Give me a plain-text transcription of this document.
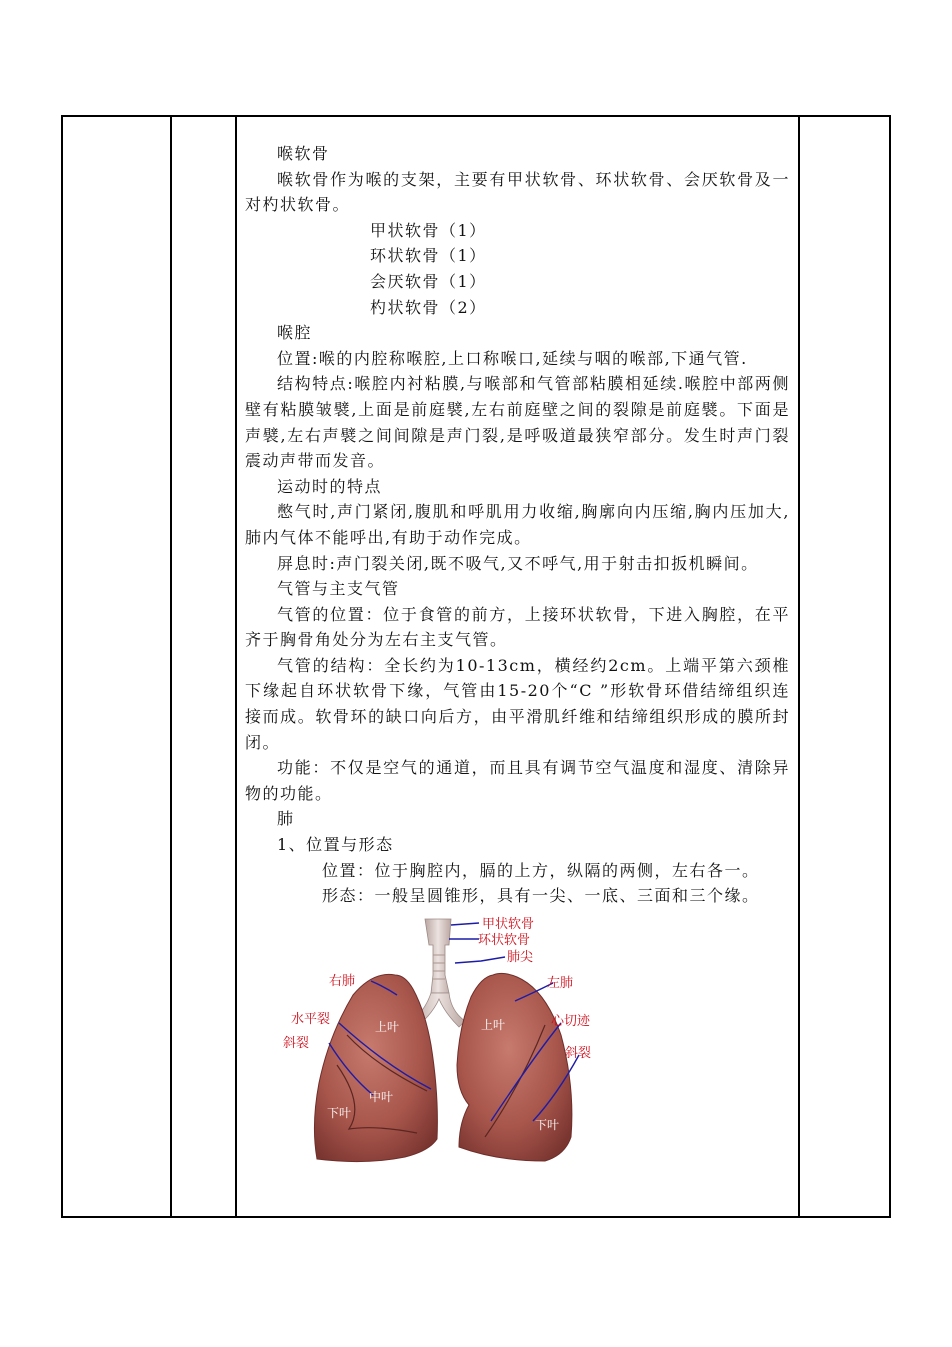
喉软骨

喉软骨作为喉的支架，主要有甲状软骨、环状软骨、会厌软骨及一对杓状软骨。

甲状软骨（1）

环状软骨（1）

会厌软骨（1）

杓状软骨（2）

喉腔

位置:喉的内腔称喉腔,上口称喉口,延续与咽的喉部,下通气管.

结构特点:喉腔内衬粘膜,与喉部和气管部粘膜相延续.喉腔中部两侧壁有粘膜皱襞,上面是前庭襞,左右前庭壁之间的裂隙是前庭襞。下面是声襞,左右声襞之间间隙是声门裂,是呼吸道最狭窄部分。发生时声门裂震动声带而发音。

运动时的特点

憋气时,声门紧闭,腹肌和呼肌用力收缩,胸廓向内压缩,胸内压加大,肺内气体不能呼出,有助于动作完成。

屏息时:声门裂关闭,既不吸气,又不呼气,用于射击扣扳机瞬间。

气管与主支气管

气管的位置：位于食管的前方，上接环状软骨，下进入胸腔，在平齐于胸骨角处分为左右主支气管。

气管的结构：全长约为10-13cm，横经约2cm。上端平第六颈椎下缘起自环状软骨下缘，气管由15-20个“C ”形软骨环借结缔组织连接而成。软骨环的缺口向后方，由平滑肌纤维和结缔组织形成的膜所封闭。

功能：不仅是空气的通道，而且具有调节空气温度和湿度、清除异物的功能。

肺

1、位置与形态

位置：位于胸腔内，膈的上方，纵隔的两侧，左右各一。

形态：一般呈圆锥形，具有一尖、一底、三面和三个缘。

甲状软骨
环状软骨
肺尖
右肺	左肺
水平裂	心切迹
斜裂
斜裂
上叶	上叶
中叶
下叶
下叶
